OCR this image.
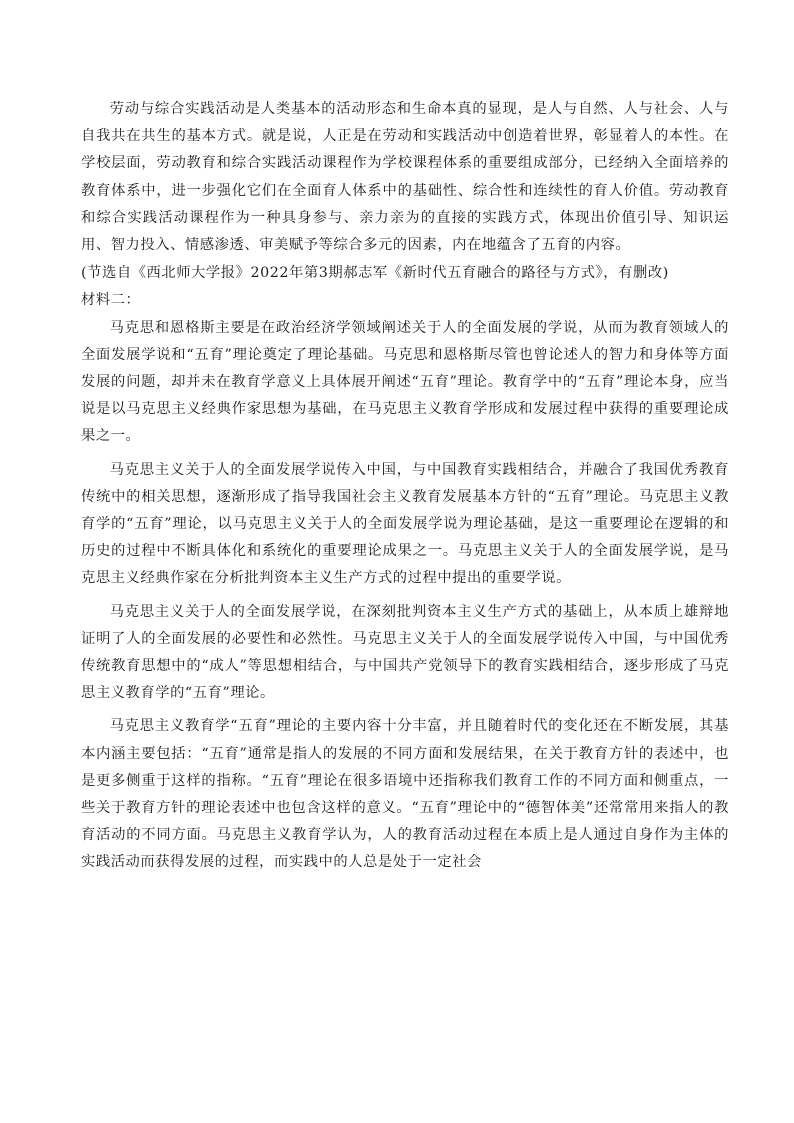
劳动与综合实践活动是人类基本的活动形态和生命本真的显现，是人与自然、人与社会、人与自我共在共生的基本方式。就是说，人正是在劳动和实践活动中创造着世界，彰显着人的本性。在学校层面，劳动教育和综合实践活动课程作为学校课程体系的重要组成部分，已经纳入全面培养的教育体系中，进一步强化它们在全面育人体系中的基础性、综合性和连续性的育人价值。劳动教育和综合实践活动课程作为一种具身参与、亲力亲为的直接的实践方式，体现出价值引导、知识运用、智力投入、情感渗透、审美赋予等综合多元的因素，内在地蕴含了五育的内容。

(节选自《西北师大学报》2022年第3期郝志军《新时代五育融合的路径与方式》，有删改)

材料二：

马克思和恩格斯主要是在政治经济学领域阐述关于人的全面发展的学说，从而为教育领域人的全面发展学说和“五育”理论奠定了理论基础。马克思和恩格斯尽管也曾论述人的智力和身体等方面发展的问题，却并未在教育学意义上具体展开阐述“五育”理论。教育学中的“五育”理论本身，应当说是以马克思主义经典作家思想为基础，在马克思主义教育学形成和发展过程中获得的重要理论成果之一。

马克思主义关于人的全面发展学说传入中国，与中国教育实践相结合，并融合了我国优秀教育传统中的相关思想，逐渐形成了指导我国社会主义教育发展基本方针的“五育”理论。马克思主义教育学的“五育”理论，以马克思主义关于人的全面发展学说为理论基础，是这一重要理论在逻辑的和历史的过程中不断具体化和系统化的重要理论成果之一。马克思主义关于人的全面发展学说，是马克思主义经典作家在分析批判资本主义生产方式的过程中提出的重要学说。

马克思主义关于人的全面发展学说，在深刻批判资本主义生产方式的基础上，从本质上雄辩地证明了人的全面发展的必要性和必然性。马克思主义关于人的全面发展学说传入中国，与中国优秀传统教育思想中的“成人”等思想相结合，与中国共产党领导下的教育实践相结合，逐步形成了马克思主义教育学的“五育”理论。

马克思主义教育学“五育”理论的主要内容十分丰富，并且随着时代的变化还在不断发展，其基本内涵主要包括：“五育”通常是指人的发展的不同方面和发展结果，在关于教育方针的表述中，也是更多侧重于这样的指称。“五育”理论在很多语境中还指称我们教育工作的不同方面和侧重点，一些关于教育方针的理论表述中也包含这样的意义。“五育”理论中的“德智体美”还常常用来指人的教育活动的不同方面。马克思主义教育学认为，人的教育活动过程在本质上是人通过自身作为主体的实践活动而获得发展的过程，而实践中的人总是处于一定社会
